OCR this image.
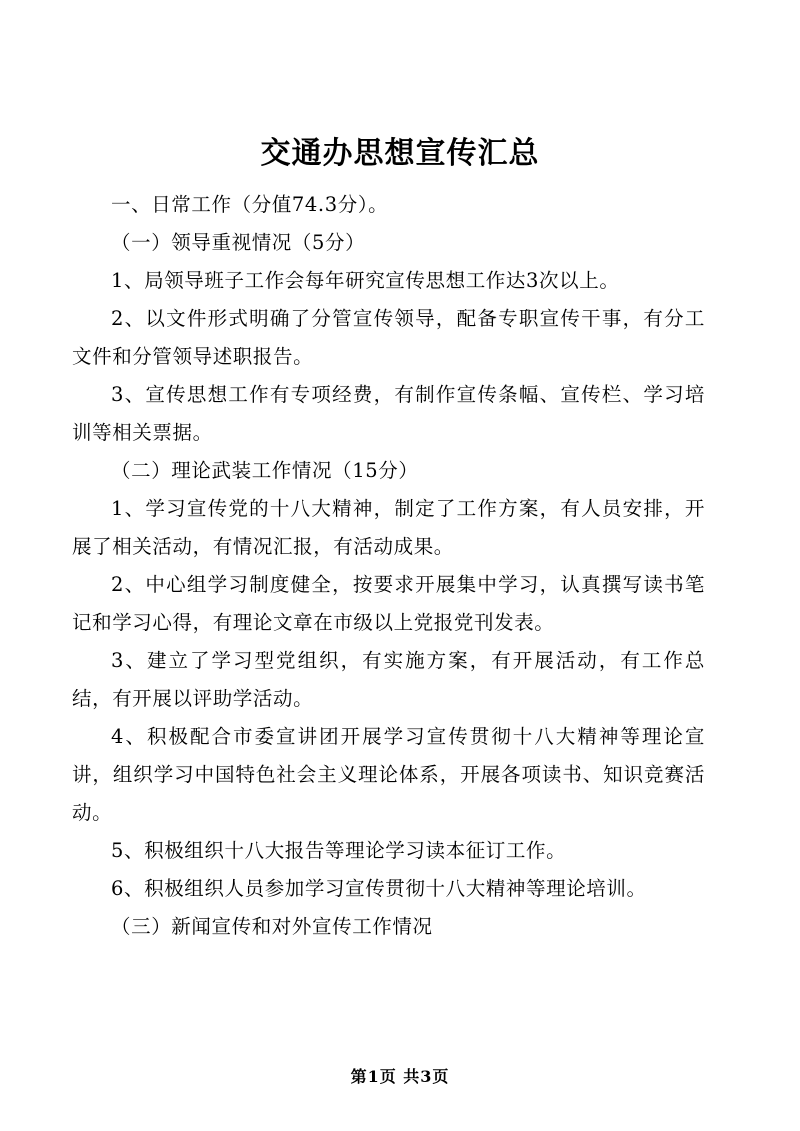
交通办思想宣传汇总

一、日常工作（分值74.3分）。

（一）领导重视情况（5分）

1、局领导班子工作会每年研究宣传思想工作达3次以上。

2、以文件形式明确了分管宣传领导，配备专职宣传干事，有分工文件和分管领导述职报告。

3、宣传思想工作有专项经费，有制作宣传条幅、宣传栏、学习培训等相关票据。

（二）理论武装工作情况（15分）

1、学习宣传党的十八大精神，制定了工作方案，有人员安排，开展了相关活动，有情况汇报，有活动成果。

2、中心组学习制度健全，按要求开展集中学习，认真撰写读书笔记和学习心得，有理论文章在市级以上党报党刊发表。

3、建立了学习型党组织，有实施方案，有开展活动，有工作总结，有开展以评助学活动。

4、积极配合市委宣讲团开展学习宣传贯彻十八大精神等理论宣讲，组织学习中国特色社会主义理论体系，开展各项读书、知识竞赛活动。

5、积极组织十八大报告等理论学习读本征订工作。

6、积极组织人员参加学习宣传贯彻十八大精神等理论培训。

（三）新闻宣传和对外宣传工作情况

第1页 共3页
